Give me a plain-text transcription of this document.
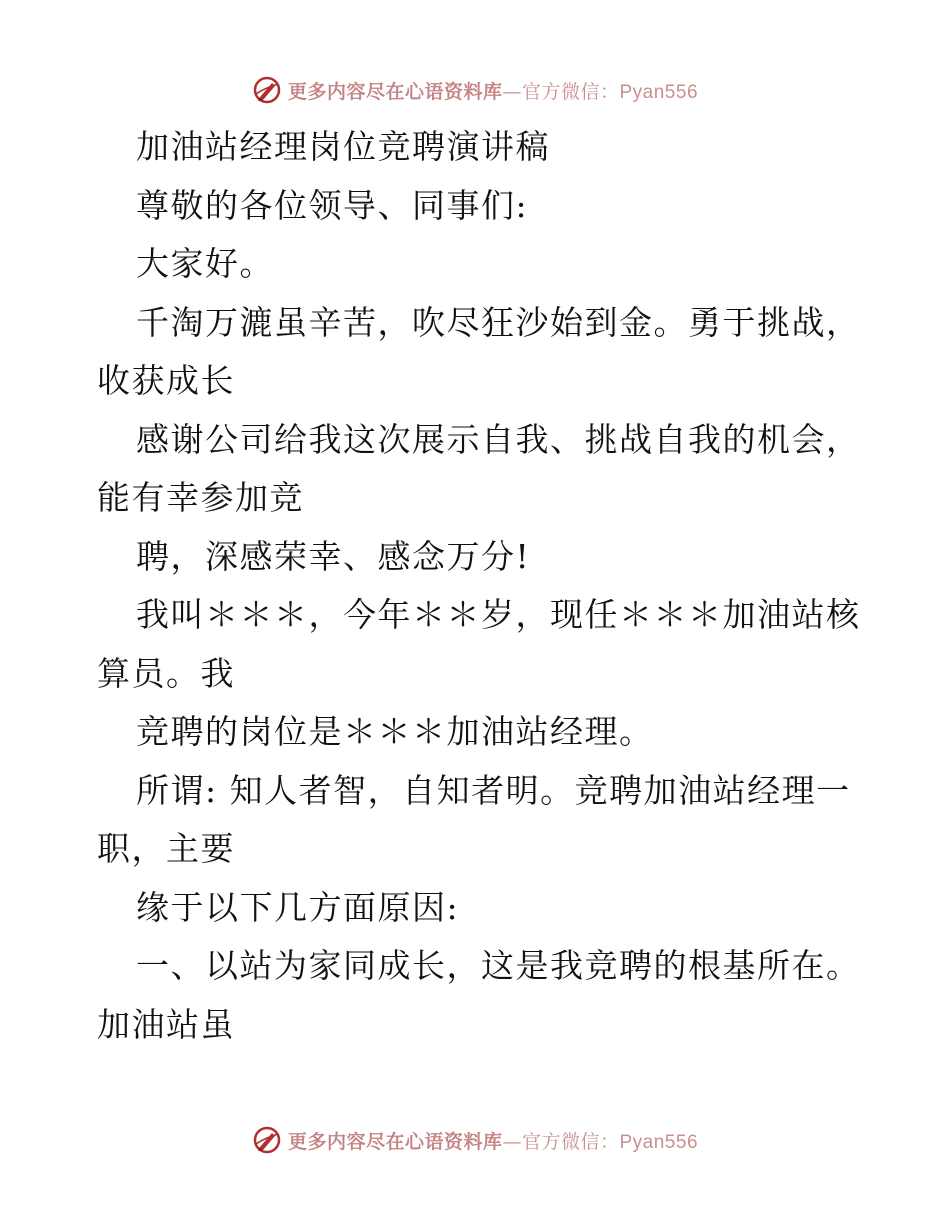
更多内容尽在心语资料库—官方微信：Pyan556

加油站经理岗位竞聘演讲稿

尊敬的各位领导、同事们:

大家好。

千淘万漉虽辛苦，吹尽狂沙始到金。勇于挑战，

收获成长

感谢公司给我这次展示自我、挑战自我的机会，

能有幸参加竞

聘，深感荣幸、感念万分!

我叫＊＊＊，今年＊＊岁，现任＊＊＊加油站核

算员。我

竞聘的岗位是＊＊＊加油站经理。

所谓: 知人者智，自知者明。竞聘加油站经理一

职，主要

缘于以下几方面原因:

一、以站为家同成长，这是我竞聘的根基所在。

加油站虽

更多内容尽在心语资料库—官方微信：Pyan556
